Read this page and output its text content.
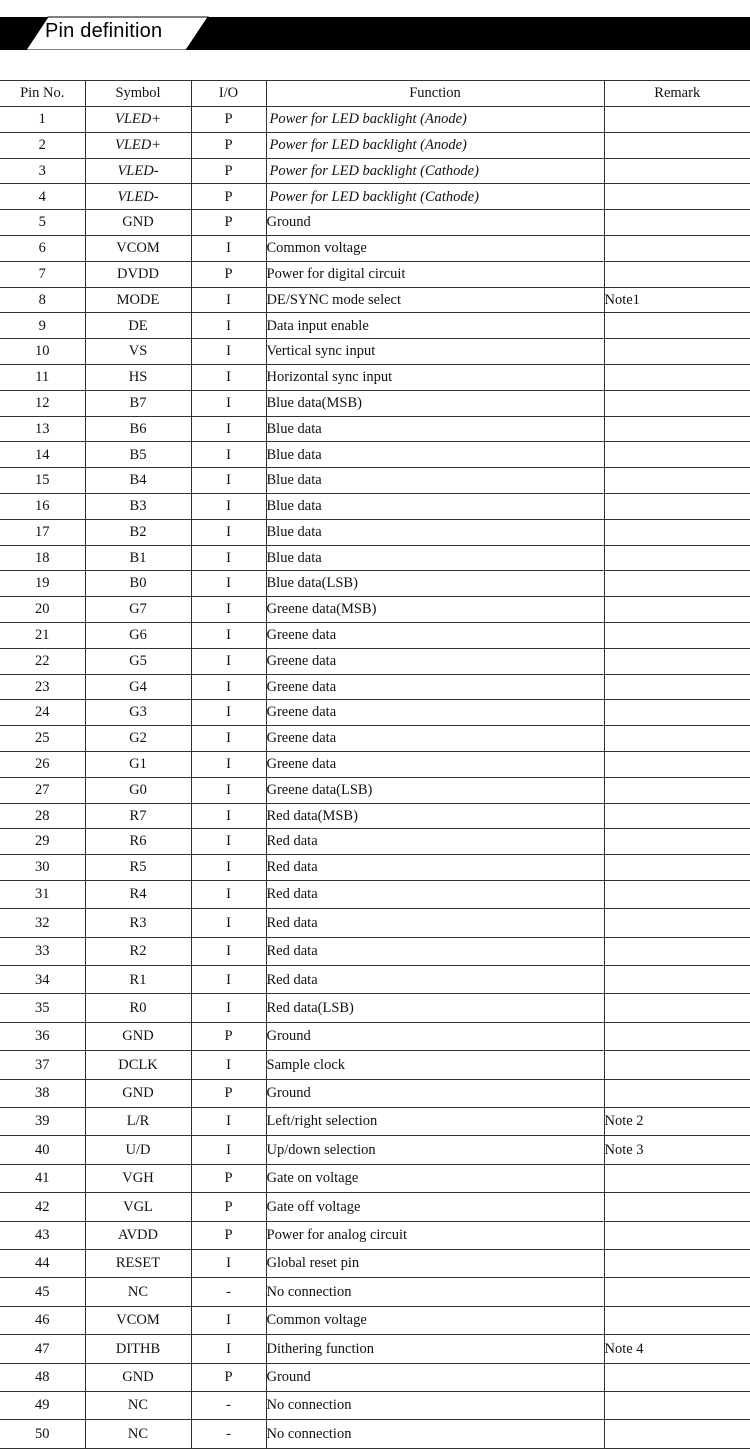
Pin definition
Pin No.	Symbol	I/O	Function	Remark
1	VLED+	P	Power for LED backlight (Anode)	
2	VLED+	P	Power for LED backlight (Anode)	
3	VLED-	P	Power for LED backlight (Cathode)	
4	VLED-	P	Power for LED backlight (Cathode)	
5	GND	P	Ground	
6	VCOM	I	Common voltage	
7	DVDD	P	Power for digital circuit	
8	MODE	I	DE/SYNC mode select	Note1
9	DE	I	Data input enable	
10	VS	I	Vertical sync input	
11	HS	I	Horizontal sync input	
12	B7	I	Blue data(MSB)	
13	B6	I	Blue data	
14	B5	I	Blue data	
15	B4	I	Blue data	
16	B3	I	Blue data	
17	B2	I	Blue data	
18	B1	I	Blue data	
19	B0	I	Blue data(LSB)	
20	G7	I	Greene data(MSB)	
21	G6	I	Greene data	
22	G5	I	Greene data	
23	G4	I	Greene data	
24	G3	I	Greene data	
25	G2	I	Greene data	
26	G1	I	Greene data	
27	G0	I	Greene data(LSB)	
28	R7	I	Red data(MSB)	
29	R6	I	Red data	
30	R5	I	Red data	
31	R4	I	Red data	
32	R3	I	Red data	
33	R2	I	Red data	
34	R1	I	Red data	
35	R0	I	Red data(LSB)	
36	GND	P	Ground	
37	DCLK	I	Sample clock	
38	GND	P	Ground	
39	L/R	I	Left/right selection	Note 2
40	U/D	I	Up/down selection	Note 3
41	VGH	P	Gate on voltage	
42	VGL	P	Gate off voltage	
43	AVDD	P	Power for analog circuit	
44	RESET	I	Global reset pin	
45	NC	-	No connection	
46	VCOM	I	Common voltage	
47	DITHB	I	Dithering function	Note 4
48	GND	P	Ground	
49	NC	-	No connection	
50	NC	-	No connection	
